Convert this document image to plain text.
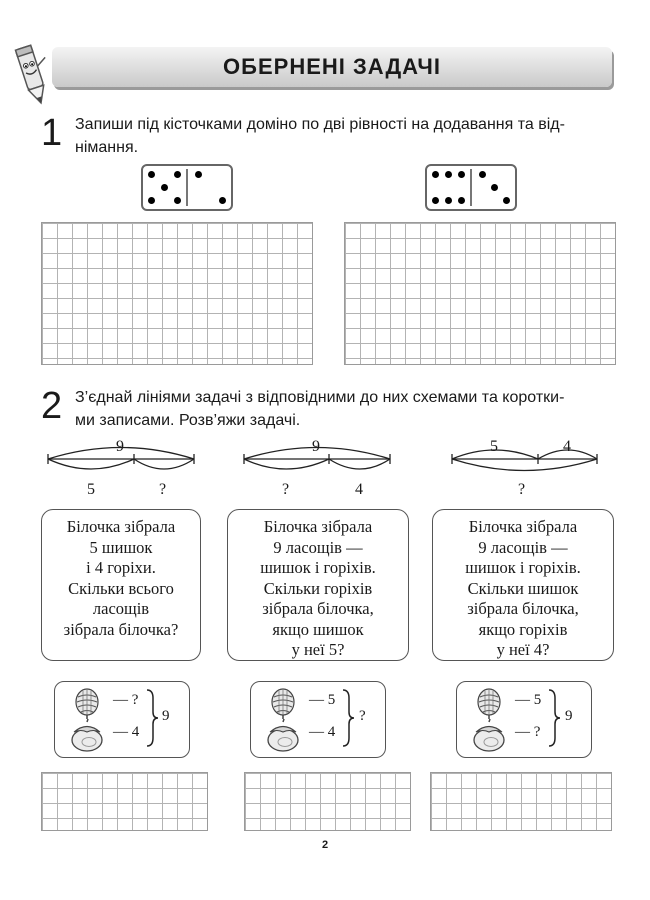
ОБЕРНЕНІ ЗАДАЧІ
1 Запиши під кісточками доміно по дві рівності на додавання та від-
німання.
2 З’єднай лініями задачі з відповідними до них схемами та коротки-
ми записами. Розв’яжи задачі.
9
5	?
9
?	4
5	4
?
Білочка зібрала
5 шишок
і 4 горіхи.
Скільки всього
ласощів
зібрала білочка?
Білочка зібрала
9 ласощів —
шишок і горіхів.
Скільки горіхів
зібрала білочка,
якщо шишок
у неї 5?
Білочка зібрала
9 ласощів —
шишок і горіхів.
Скільки шишок
зібрала білочка,
якщо горіхів
у неї 4?
— ?
— 4
9
— 5
— 4
?
— 5
— ?
9
2
